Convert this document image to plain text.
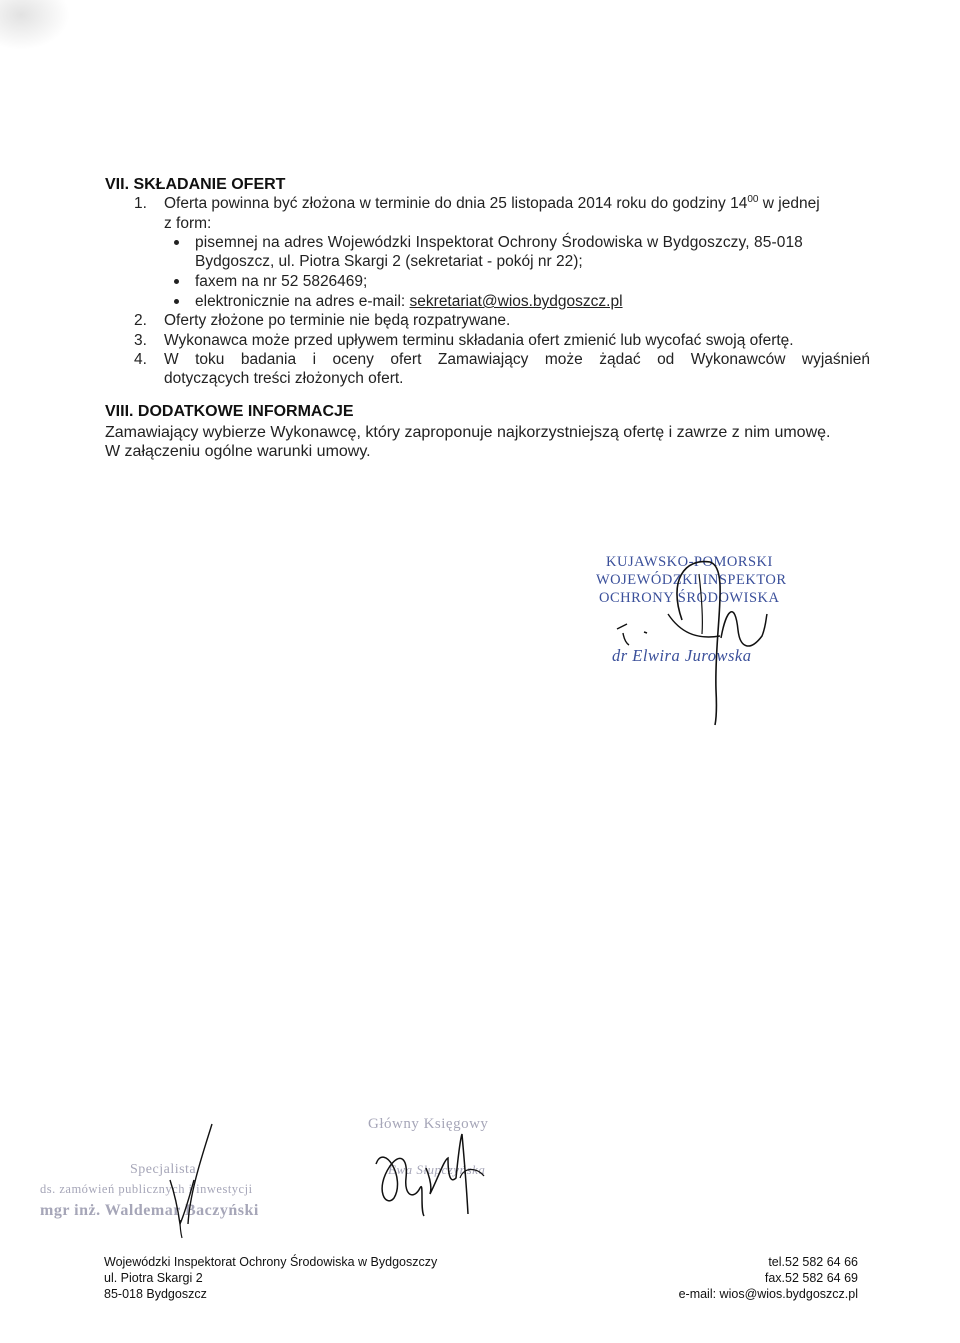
VII. SKŁADANIE OFERT
1. Oferta powinna być złożona w terminie do dnia 25 listopada 2014 roku do godziny $14^{00}$ w jednej
z form:
pisemnej na adres Wojewódzki Inspektorat Ochrony Środowiska w Bydgoszczy, 85-018
Bydgoszcz, ul. Piotra Skargi 2 (sekretariat - pokój nr 22);
faxem na nr 52 5826469;
elektronicznie na adres e-mail: sekretariat@wios.bydgoszcz.pl
2. Oferty złożone po terminie nie będą rozpatrywane.
3. Wykonawca może przed upływem terminu składania ofert zmienić lub wycofać swoją ofertę.
4. W toku badania i oceny ofert Zamawiający może żądać od Wykonawców wyjaśnień
dotyczących treści złożonych ofert.
VIII. DODATKOWE INFORMACJE
Zamawiający wybierze Wykonawcę, który zaproponuje najkorzystniejszą ofertę i zawrze z nim umowę.
W załączeniu ogólne warunki umowy.
KUJAWSKO-POMORSKI
WOJEWÓDZKI INSPEKTOR
OCHRONY ŚRODOWISKA
dr Elwira Jurowska
Główny Księgowy
Ewa Słupczyńska
Specjalista
ds. zamówień publicznych i inwestycji
mgr inż. Waldemar Baczyński
Wojewódzki Inspektorat Ochrony Środowiska w Bydgoszczy
ul. Piotra Skargi 2
85-018 Bydgoszcz
tel.52 582 64 66
fax.52 582 64 69
e-mail: wios@wios.bydgoszcz.pl
